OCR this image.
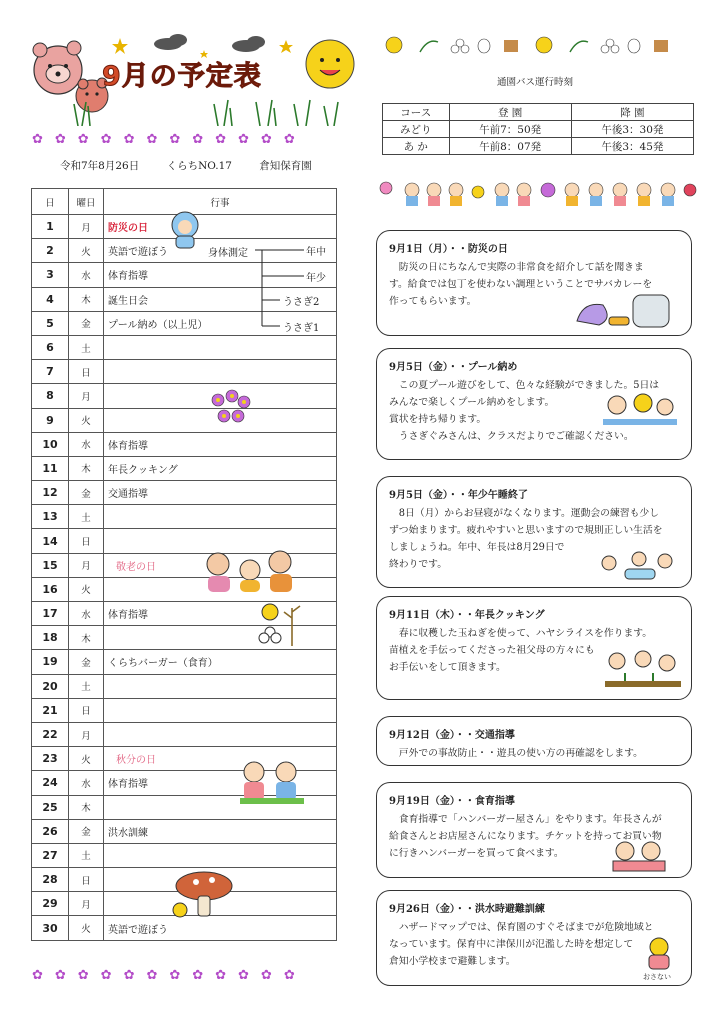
9月の予定表
✿✿✿✿✿✿✿✿✿✿✿✿
令和7年8月26日	くらちNO.17	倉知保育園
日	曜日	行事
1	月	防災の日
2	火	英語で遊ぼう 身体測定

3	水	体育指導
4	木	誕生日会
5	金	プール納め（以上児）
6	土	
7	日	
8	月	
9	火	
10	水	体育指導
11	木	年長クッキング
12	金	交通指導
13	土	
14	日	
15	月	敬老の日
16	火	
17	水	体育指導
18	木	
19	金	くらちバーガー（食育）
20	土	
21	日	
22	月	
23	火	秋分の日
24	水	体育指導
25	木	
26	金	洪水訓練
27	土	
28	日	
29	月	
30	火	英語で遊ぼう
年中
年少
うさぎ2
うさぎ1
✿✿✿✿✿✿✿✿✿✿✿✿
通園バス運行時刻
コース	登 園	降 園
みどり	午前7：50発	午後3：30発
あ か	午前8：07発	午後3：45発
9月1日（月）・・防災の日

防災の日にちなんで実際の非常食を紹介して話を聞きま

す。給食では包丁を使わない調理ということでサバカレーを

作ってもらいます。

9月5日（金）・・プール納め

この夏プール遊びをして、色々な経験ができました。5日は

みんなで楽しくプール納めをします。

賞状を持ち帰ります。

うさぎぐみさんは、クラスだよりでご確認ください。

9月5日（金）・・年少午睡終了

8日（月）からお昼寝がなくなります。運動会の練習も少し

ずつ始まります。疲れやすいと思いますので規則正しい生活を

しましょうね。年中、年長は8月29日で

終わりです。

9月11日（木）・・年長クッキング

春に収穫した玉ねぎを使って、ハヤシライスを作ります。

苗植えを手伝ってくださった祖父母の方々にも

お手伝いをして頂きます。

9月12日（金）・・交通指導

戸外での事故防止・・遊具の使い方の再確認をします。

9月19日（金）・・食育指導

食育指導で「ハンバーガー屋さん」をやります。年長さんが

給食さんとお店屋さんになります。チケットを持ってお買い物

に行きハンバーガーを買って食べます。

9月26日（金）・・洪水時避難訓練

ハザードマップでは、保育園のすぐそばまでが危険地域と

なっています。保育中に津保川が氾濫した時を想定して

倉知小学校まで避難します。

おさない
